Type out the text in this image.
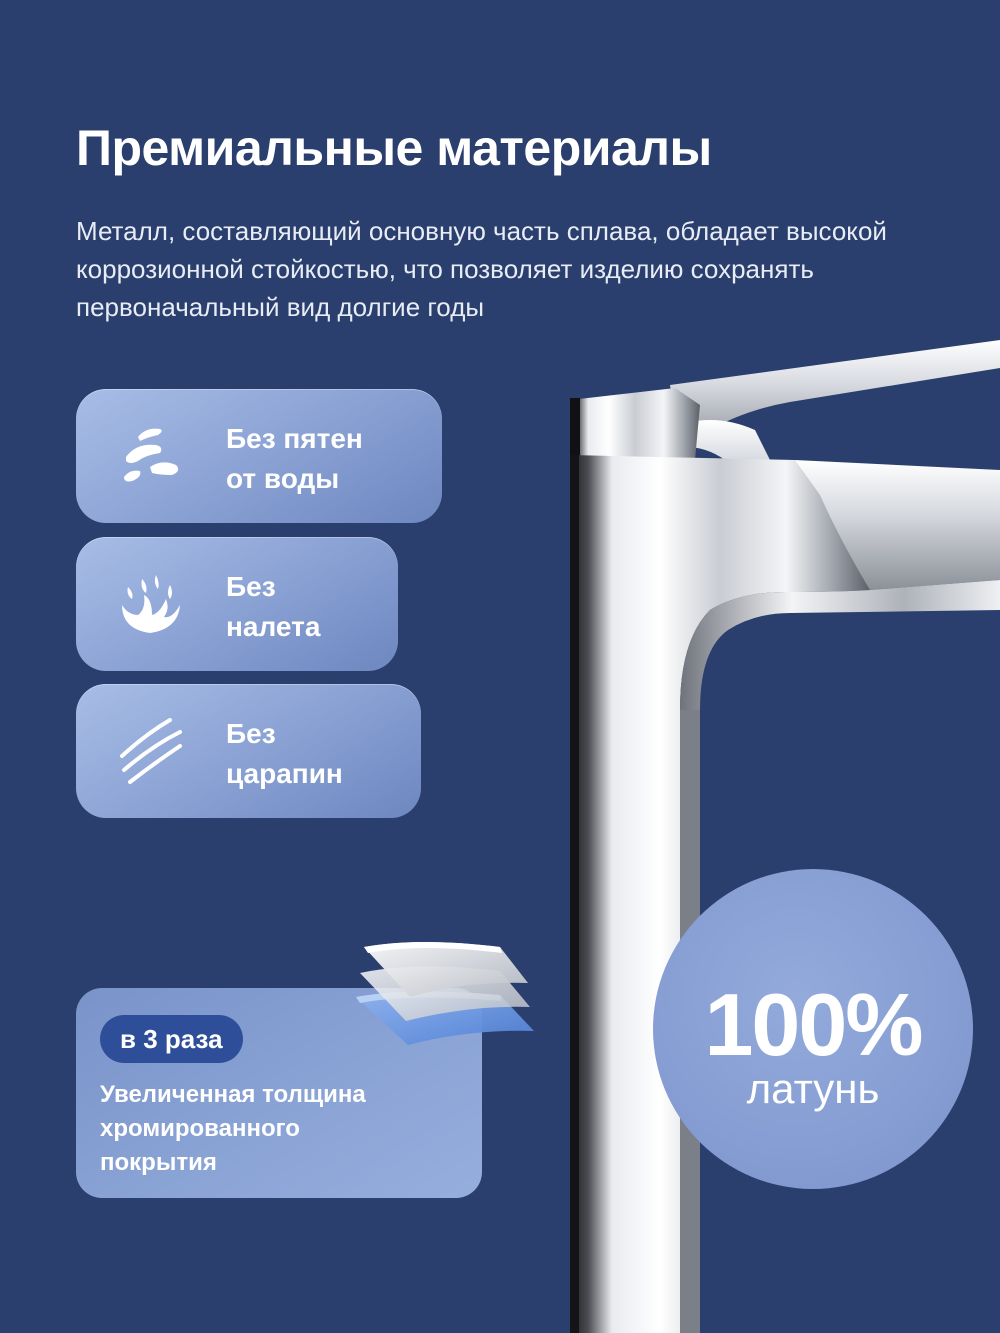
Премиальные материалы

Металл, составляющий основную часть сплава, обладает высокой коррозионной стойкостью, что позволяет изделию сохранять первоначальный вид долгие годы

Без пятен
от воды
Без
налета
Без
царапин
в 3 раза
Увеличенная толщина
хромированного
покрытия
100%
латунь
